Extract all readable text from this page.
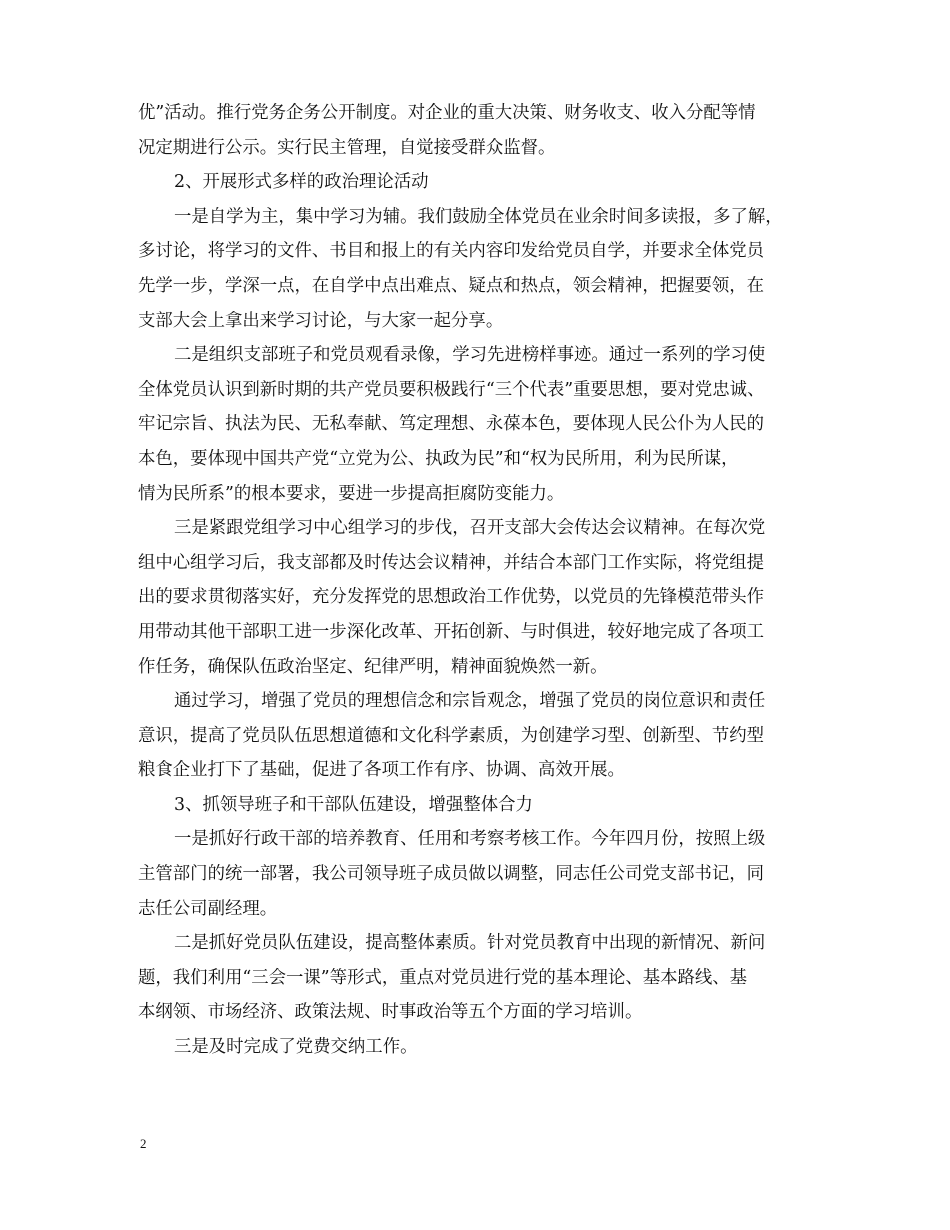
优”活动。推行党务企务公开制度。对企业的重大决策、财务收支、收入分配等情
况定期进行公示。实行民主管理，自觉接受群众监督。
2、开展形式多样的政治理论活动
一是自学为主，集中学习为辅。我们鼓励全体党员在业余时间多读报，多了解，
多讨论，将学习的文件、书目和报上的有关内容印发给党员自学，并要求全体党员
先学一步，学深一点，在自学中点出难点、疑点和热点，领会精神，把握要领，在
支部大会上拿出来学习讨论，与大家一起分享。
二是组织支部班子和党员观看录像，学习先进榜样事迹。通过一系列的学习使
全体党员认识到新时期的共产党员要积极践行“三个代表”重要思想，要对党忠诚、
牢记宗旨、执法为民、无私奉献、笃定理想、永葆本色，要体现人民公仆为人民的
本色，要体现中国共产党“立党为公、执政为民”和“权为民所用，利为民所谋，
情为民所系”的根本要求，要进一步提高拒腐防变能力。
三是紧跟党组学习中心组学习的步伐，召开支部大会传达会议精神。在每次党
组中心组学习后，我支部都及时传达会议精神，并结合本部门工作实际，将党组提
出的要求贯彻落实好，充分发挥党的思想政治工作优势，以党员的先锋模范带头作
用带动其他干部职工进一步深化改革、开拓创新、与时俱进，较好地完成了各项工
作任务，确保队伍政治坚定、纪律严明，精神面貌焕然一新。
通过学习，增强了党员的理想信念和宗旨观念，增强了党员的岗位意识和责任
意识，提高了党员队伍思想道德和文化科学素质，为创建学习型、创新型、节约型
粮食企业打下了基础，促进了各项工作有序、协调、高效开展。
3、抓领导班子和干部队伍建设，增强整体合力
一是抓好行政干部的培养教育、任用和考察考核工作。今年四月份，按照上级
主管部门的统一部署，我公司领导班子成员做以调整，同志任公司党支部书记，同
志任公司副经理。
二是抓好党员队伍建设，提高整体素质。针对党员教育中出现的新情况、新问
题，我们利用“三会一课”等形式，重点对党员进行党的基本理论、基本路线、基
本纲领、市场经济、政策法规、时事政治等五个方面的学习培训。
三是及时完成了党费交纳工作。
2
